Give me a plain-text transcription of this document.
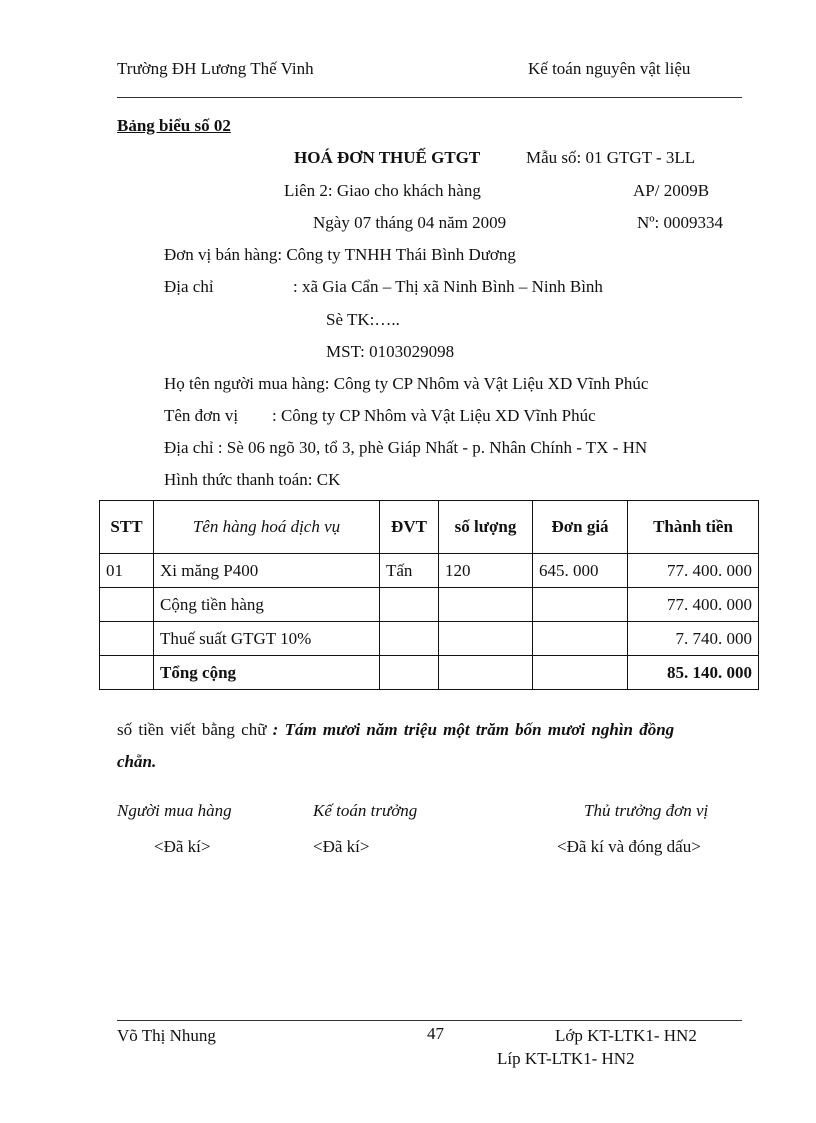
Trường ĐH Lương Thế Vinh	Kế toán nguyên vật liệu
Bảng biểu số 02
HOÁ ĐƠN THUẾ GTGT	Mẫu số: 01 GTGT - 3LL
Liên 2: Giao cho khách hàng	AP/ 2009B
Ngày 07 tháng 04 năm 2009	Nº: 0009334
Đơn vị bán hàng: Công ty TNHH Thái Bình Dương
Địa chỉ	: xã Gia Cẩn – Thị xã Ninh Bình – Ninh Bình
Sè TK:…..
MST: 0103029098
Họ tên người mua hàng: Công ty CP Nhôm và Vật Liệu XD Vĩnh Phúc
Tên đơn vị : Công ty CP Nhôm và Vật Liệu XD Vĩnh Phúc
Địa chỉ : Sè 06 ngõ 30, tổ 3, phè Giáp Nhất - p. Nhân Chính - TX - HN
Hình thức thanh toán: CK
STT	Tên hàng hoá dịch vụ	ĐVT	số lượng	Đơn giá	Thành tiền
01	Xi măng P400	Tấn	120	645. 000	77. 400. 000
	Cộng tiền hàng				77. 400. 000
	Thuế suất GTGT 10%				7. 740. 000
	Tổng cộng				85. 140. 000
số tiền viết bằng chữ : Tám mươi năm triệu một trăm bốn mươi nghìn đồng
chẵn.
Người mua hàng	Kế toán trưởng	Thủ trưởng đơn vị
<Đã kí>	<Đã kí>	<Đã kí và đóng dấu>
Võ Thị Nhung	47	Lớp KT-LTK1- HN2
Líp KT-LTK1- HN2
